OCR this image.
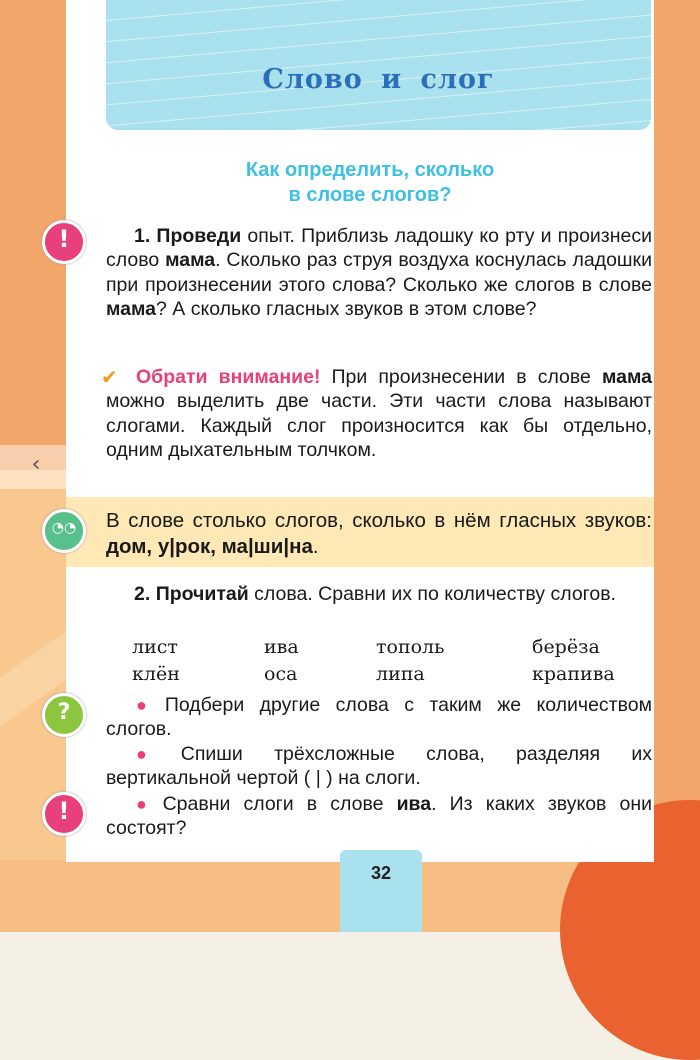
Слово и слог
Как определить, сколько
в слове слогов?
!
1. Проведи опыт. Приблизь ладошку ко рту и произнеси слово мама. Сколько раз струя воздуха коснулась ладошки при произнесении этого слова? Сколько же слогов в слове мама? А сколько гласных звуков в этом слове?
‹
✔ Обрати внимание! При произнесении в слове мама можно выделить две части. Эти части слова называют слогами. Каждый слог произносится как бы отдельно, одним дыхательным толчком.
◔◔
В слове столько слогов, сколько в нём гласных звуков: дом, у|рок, ма|ши|на.
2. Прочитай слова. Сравни их по количеству слогов.
лист	ива	тополь	берёза
клён	оса	липа	крапива
?
● Подбери другие слова с таким же количеством слогов.
● Спиши трёхсложные слова, разделяя их вертикальной чертой ( | ) на слоги.
!
● Сравни слоги в слове ива. Из каких звуков они состоят?
32
